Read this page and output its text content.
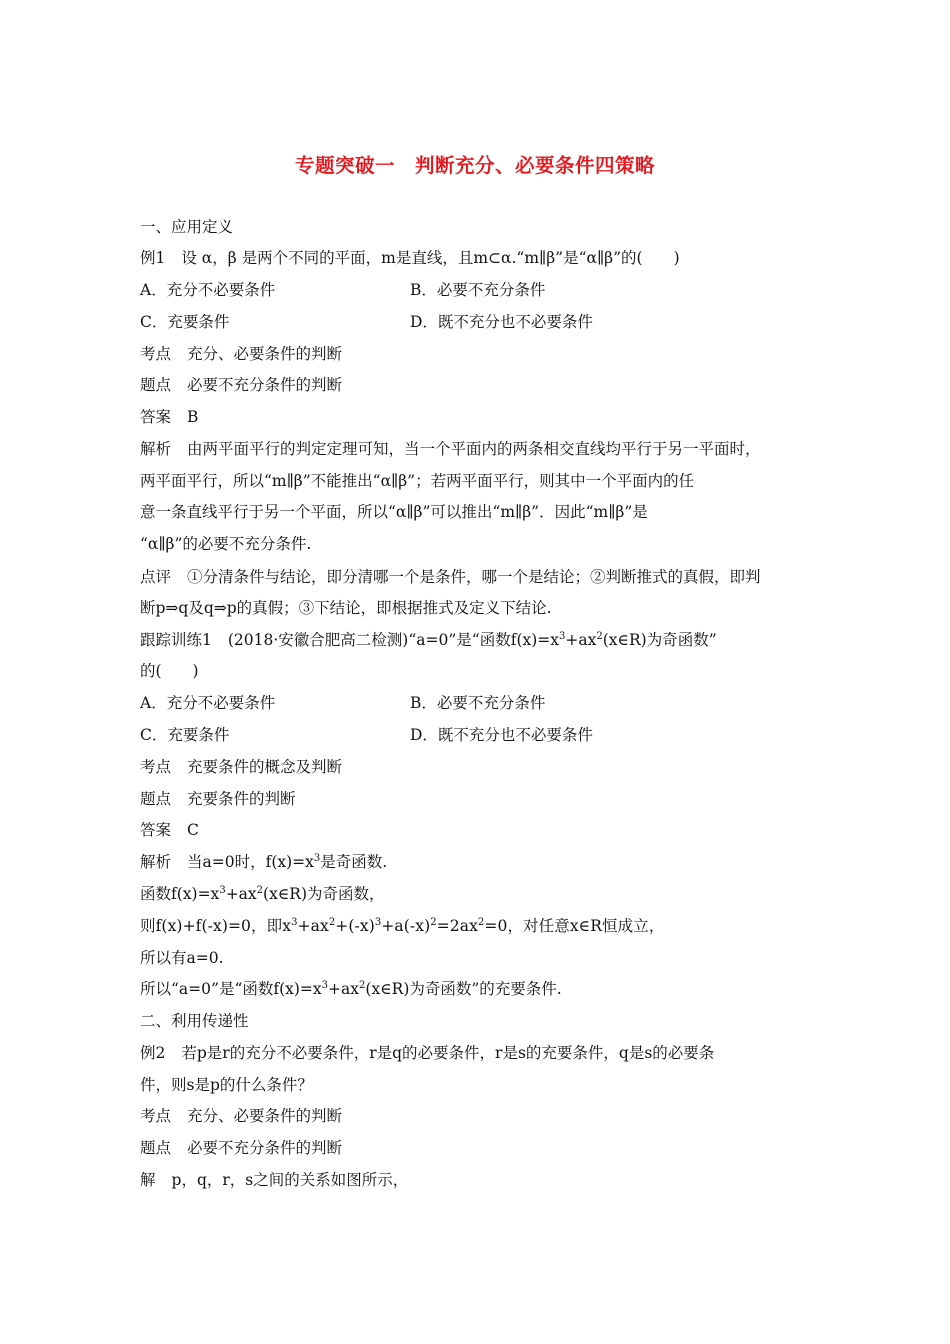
专题突破一　判断充分、必要条件四策略
一、应用定义
例1 设 α，β 是两个不同的平面，m是直线，且m⊂α.“m∥β”是“α∥β”的(　　)
A．充分不必要条件	B．必要不充分条件
C．充要条件	D．既不充分也不必要条件
考点 充分、必要条件的判断
题点 必要不充分条件的判断
答案 B
解析 由两平面平行的判定定理可知，当一个平面内的两条相交直线均平行于另一平面时，
两平面平行，所以“m∥β”不能推出“α∥β”；若两平面平行，则其中一个平面内的任
意一条直线平行于另一个平面，所以“α∥β”可以推出“m∥β”．因此“m∥β”是
“α∥β”的必要不充分条件.
点评 ①分清条件与结论，即分清哪一个是条件，哪一个是结论；②判断推式的真假，即判
断p⇒q及q⇒p的真假；③下结论，即根据推式及定义下结论.
跟踪训练1 (2018·安徽合肥高二检测)“a=0”是“函数$f(x)=x^3+ax^2(x\in R)$为奇函数”
的(　　)
A．充分不必要条件	B．必要不充分条件
C．充要条件	D．既不充分也不必要条件
考点 充要条件的概念及判断
题点 充要条件的判断
答案 C
解析 当a=0时，$f(x)=x^3$是奇函数.
函数$f(x)=x^3+ax^2(x\in R)$为奇函数，
则f(x)+f(-x)=0，即$x^3+ax^2+(-x)^3+a(-x)^2=2ax^2=0$，对任意x∈R恒成立，
所以有a=0.
所以“a=0”是“函数$f(x)=x^3+ax^2(x\in R)$为奇函数”的充要条件.
二、利用传递性
例2 若p是r的充分不必要条件，r是q的必要条件，r是s的充要条件，q是s的必要条
件，则s是p的什么条件？
考点 充分、必要条件的判断
题点 必要不充分条件的判断
解 p，q，r，s之间的关系如图所示，
